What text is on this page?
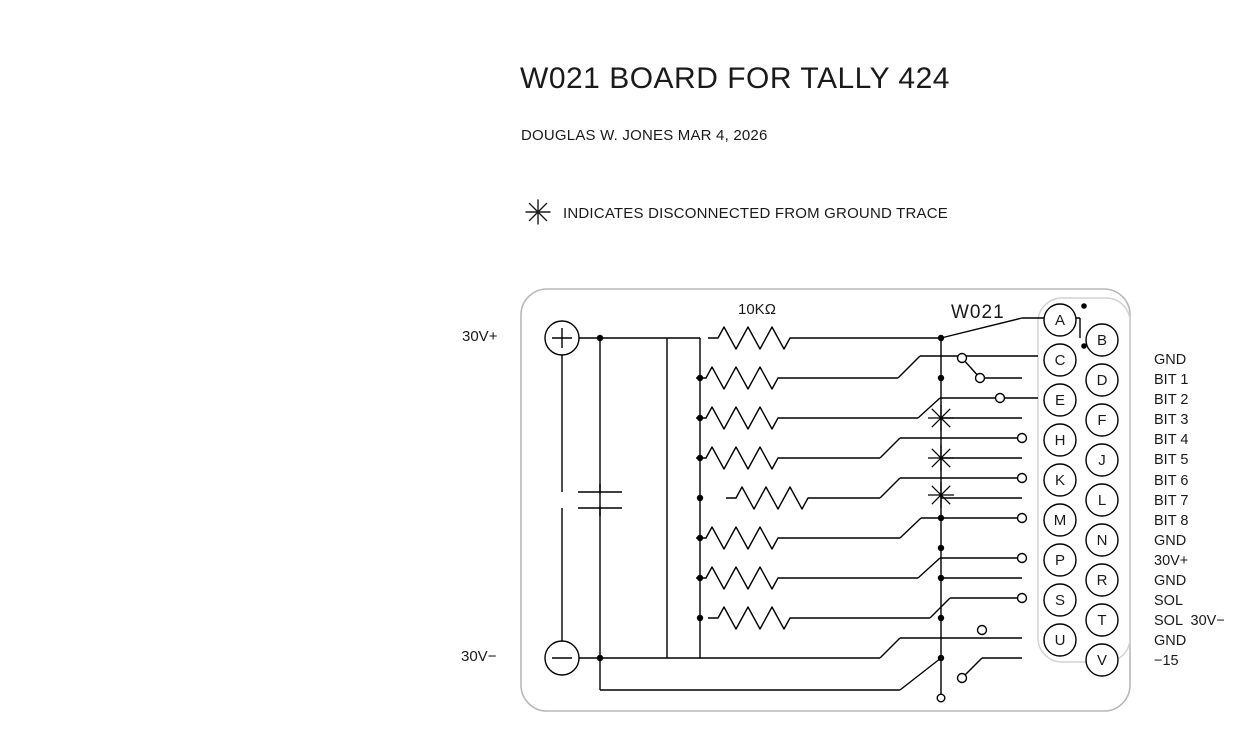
W021 BOARD FOR TALLY 424
DOUGLAS W. JONES MAR 4, 2026
INDICATES DISCONNECTED FROM GROUND TRACE
A
C
E
H
K
M
P
S
U
B
D
F
J
L
N
R
T
V
30V+
30V−
10KΩ	W021
GND
BIT 1
BIT 2
BIT 3
BIT 4
BIT 5
BIT 6
BIT 7
BIT 8
GND
30V+
GND
SOL
SOL  30V−
GND
−15
